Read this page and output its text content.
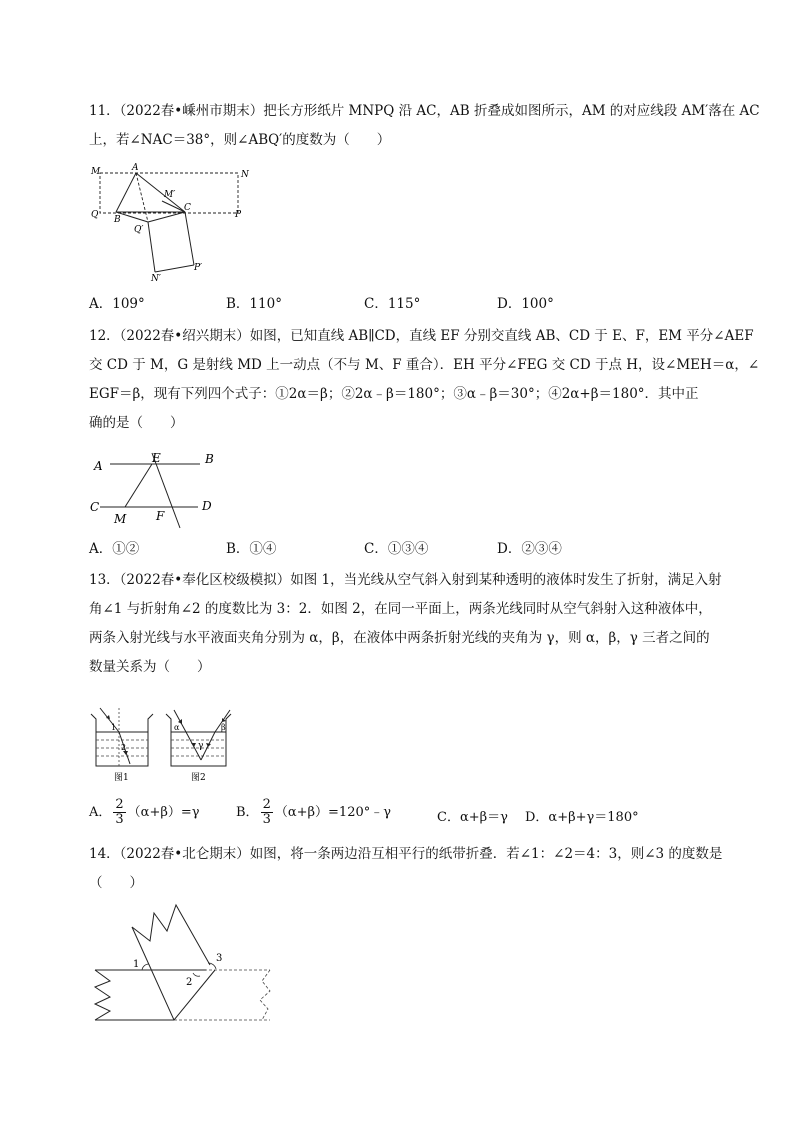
11．（2022春•嵊州市期末）把长方形纸片 MNPQ 沿 AC，AB 折叠成如图所示，AM 的对应线段 AM′落在 AC
上，若∠NAC＝38°，则∠ABQ′的度数为（　　）
M	A
N
M′
Q B
C
P
Q′
N′
P′
A．109°	B．110°	C．115°	D．100°
12．（2022春•绍兴期末）如图，已知直线 AB∥CD，直线 EF 分别交直线 AB、CD 于 E、F，EM 平分∠AEF
交 CD 于 M，G 是射线 MD 上一动点（不与 M、F 重合）．EH 平分∠FEG 交 CD 于点 H，设∠MEH＝α，∠
EGF＝β，现有下列四个式子：①2α＝β；②2α﹣β＝180°；③α﹣β＝30°；④2α+β＝180°．其中正
确的是（　　）
A
E	B
C	D
M F
A．①②	B．①④	C．①③④	D．②③④
13．（2022春•奉化区校级模拟）如图 1，当光线从空气斜入射到某种透明的液体时发生了折射，满足入射
角∠1 与折射角∠2 的度数比为 3：2．如图 2，在同一平面上，两条光线同时从空气斜射入这种液体中，
两条入射光线与水平液面夹角分别为 α，β，在液体中两条折射光线的夹角为 γ，则 α，β，γ 三者之间的
数量关系为（　　）
1
2
图1
α	β
γ
图2
A． $\frac{2}{3} (\alpha+\beta)=\gamma$	B． $\frac{2}{3}$ （α+β）=120°﹣γ	C．α+β＝γ D．α+β+γ＝180°
14．（2022春•北仑期末）如图，将一条两边沿互相平行的纸带折叠．若∠1：∠2＝4：3，则∠3 的度数是
（　　）
1
2
3
